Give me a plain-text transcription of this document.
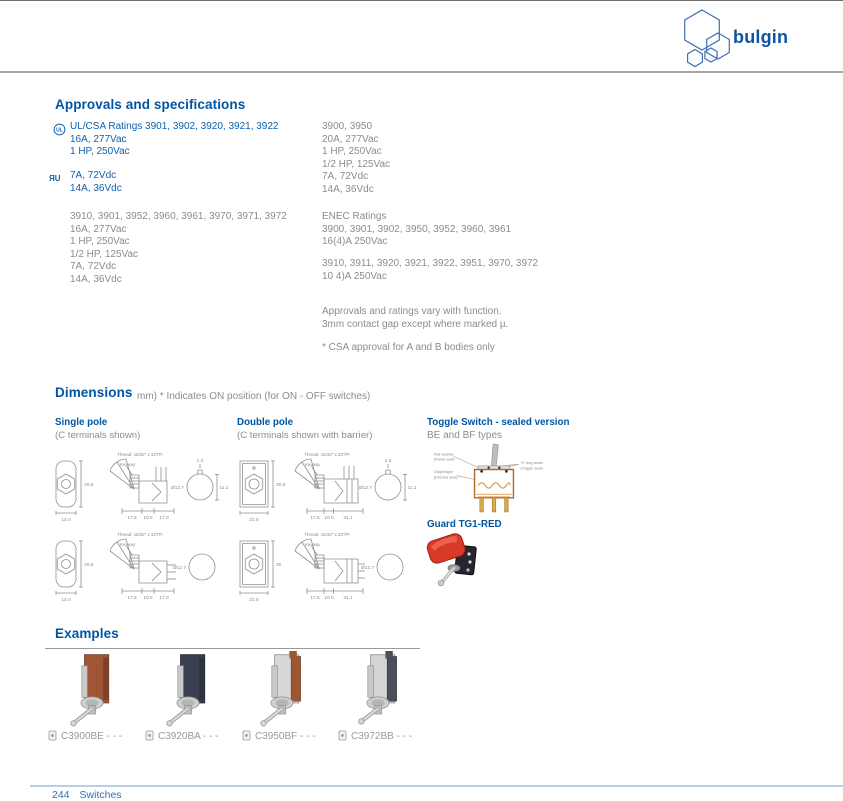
bulgin
Approvals and specifications
UL UL/CSA Ratings 3901, 3902, 3920, 3921, 3922
16A, 277Vac
1 HP, 250Vac
ЯU 7A, 72Vdc
14A, 36Vdc
3910, 3901, 3952, 3960, 3961, 3970, 3971, 3972
16A, 277Vac
1 HP, 250Vac
1/2 HP, 125Vac
7A, 72Vdc
14A, 36Vdc
3900, 3950
20A, 277Vac
1 HP, 250Vac
1/2 HP, 125Vac
7A, 72Vdc
14A, 36Vdc
ENEC Ratings
3900, 3901, 3902, 3950, 3952, 3960, 3961
16(4)A 250Vac
3910, 3911, 3920, 3921, 3922, 3951, 3970, 3972
10 4)A 250Vac
Approvals and ratings vary with function.
3mm contact gap except where marked µ.
* CSA approval for A and B bodies only
Dimensions mm) * Indicates ON position (for ON - OFF switches)
Single pole
(C terminals shown)
Double pole
(C terminals shown with barrier)
Toggle Switch - sealed version
BE and BF types
29.5
14.0
Thread: 15/32" x 32TPI
Keyway
17.5 10.5 17.0
1.3
Ø12.7	11.1
29.5
14.0
Thread: 15/32" x 32TPI
Keyway
17.5 10.5 17.0
Ø12.7
30.8
21.5
Thread: 15/32" x 32TPI
Keyway
17.5 10.0 31.1
1.3
Ø12.7	11.1
30
21.5
Thread: 15/32" x 32TPI
Keyway
17.5 10.0 31.1
Ø12.7
Flat washer
(Panel seal)
Diaphragm
(Internal seal)
'O' ring seals
(Toggle seal)
Guard TG1-RED
Examples
C3900BE - - -	C3920BA - - -	C3950BF - - -	C3972BB - - -
244 Switches
